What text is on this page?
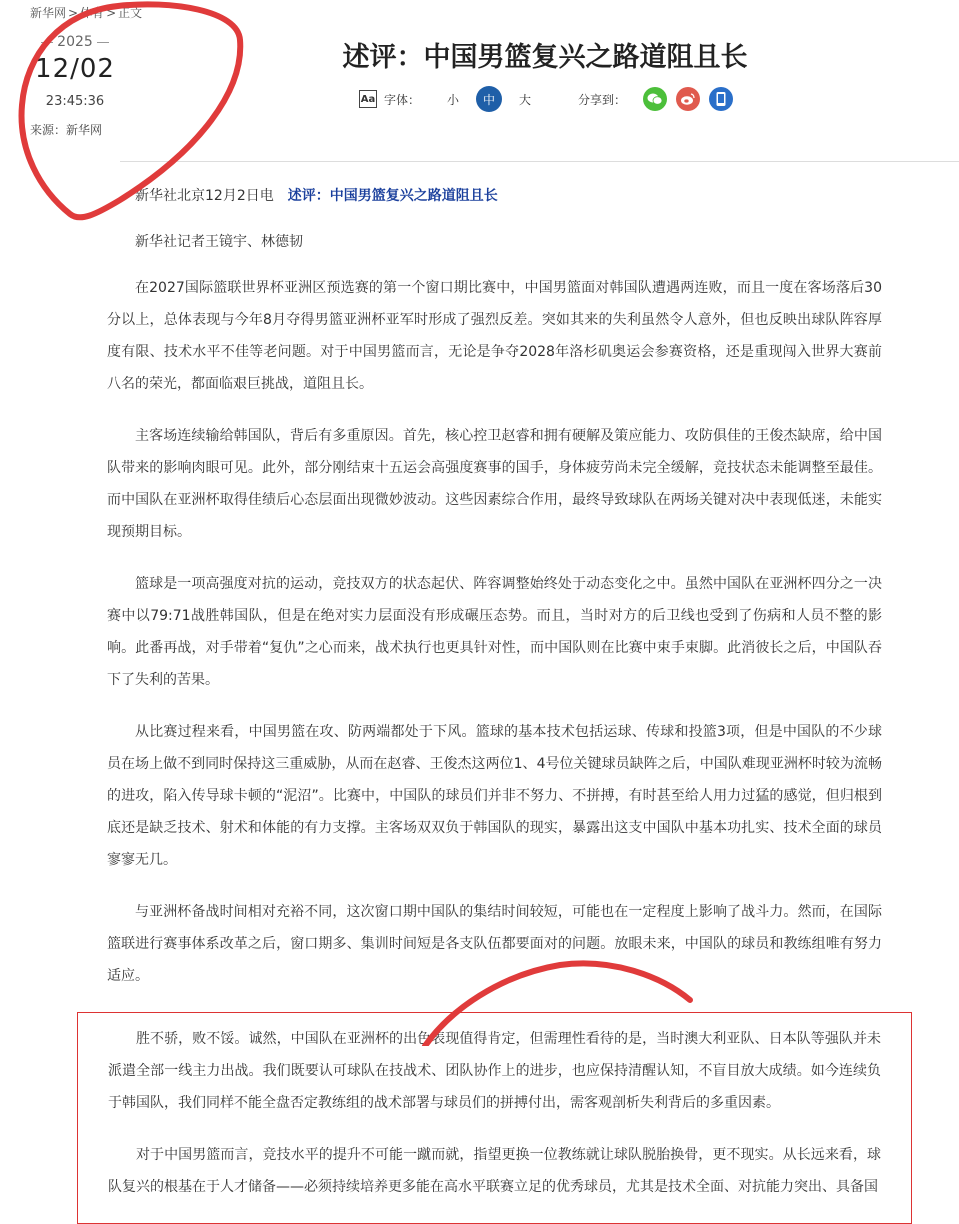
新华网 > 体育 > 正文
2025
12/02
23:45:36
来源：新华网
述评：中国男篮复兴之路道阻且长
Aa 字体：	小	中	大	分享到：

新华社北京12月2日电　 述评：中国男篮复兴之路道阻且长

新华社记者王镜宇、林德韧

在2027国际篮联世界杯亚洲区预选赛的第一个窗口期比赛中，中国男篮面对韩国队遭遇两连败，而且一度在客场落后30分以上，总体表现与今年8月夺得男篮亚洲杯亚军时形成了强烈反差。突如其来的失利虽然令人意外，但也反映出球队阵容厚度有限、技术水平不佳等老问题。对于中国男篮而言，无论是争夺2028年洛杉矶奥运会参赛资格，还是重现闯入世界大赛前八名的荣光，都面临艰巨挑战，道阻且长。

主客场连续输给韩国队，背后有多重原因。首先，核心控卫赵睿和拥有硬解及策应能力、攻防俱佳的王俊杰缺席，给中国队带来的影响肉眼可见。此外，部分刚结束十五运会高强度赛事的国手，身体疲劳尚未完全缓解，竞技状态未能调整至最佳。而中国队在亚洲杯取得佳绩后心态层面出现微妙波动。这些因素综合作用，最终导致球队在两场关键对决中表现低迷，未能实现预期目标。

篮球是一项高强度对抗的运动，竞技双方的状态起伏、阵容调整始终处于动态变化之中。虽然中国队在亚洲杯四分之一决赛中以79:71战胜韩国队，但是在绝对实力层面没有形成碾压态势。而且，当时对方的后卫线也受到了伤病和人员不整的影响。此番再战，对手带着“复仇”之心而来，战术执行也更具针对性，而中国队则在比赛中束手束脚。此消彼长之后，中国队吞下了失利的苦果。

从比赛过程来看，中国男篮在攻、防两端都处于下风。篮球的基本技术包括运球、传球和投篮3项，但是中国队的不少球员在场上做不到同时保持这三重威胁，从而在赵睿、王俊杰这两位1、4号位关键球员缺阵之后，中国队难现亚洲杯时较为流畅的进攻，陷入传导球卡顿的“泥沼”。比赛中，中国队的球员们并非不努力、不拼搏，有时甚至给人用力过猛的感觉，但归根到底还是缺乏技术、射术和体能的有力支撑。主客场双双负于韩国队的现实，暴露出这支中国队中基本功扎实、技术全面的球员寥寥无几。

与亚洲杯备战时间相对充裕不同，这次窗口期中国队的集结时间较短，可能也在一定程度上影响了战斗力。然而，在国际篮联进行赛事体系改革之后，窗口期多、集训时间短是各支队伍都要面对的问题。放眼未来，中国队的球员和教练组唯有努力适应。

胜不骄，败不馁。诚然，中国队在亚洲杯的出色表现值得肯定，但需理性看待的是，当时澳大利亚队、日本队等强队并未派遣全部一线主力出战。我们既要认可球队在技战术、团队协作上的进步，也应保持清醒认知，不盲目放大成绩。如今连续负于韩国队，我们同样不能全盘否定教练组的战术部署与球员们的拼搏付出，需客观剖析失利背后的多重因素。

对于中国男篮而言，竞技水平的提升不可能一蹴而就，指望更换一位教练就让球队脱胎换骨，更不现实。从长远来看，球队复兴的根基在于人才储备——必须持续培养更多能在高水平联赛立足的优秀球员，尤其是技术全面、对抗能力突出、具备国
